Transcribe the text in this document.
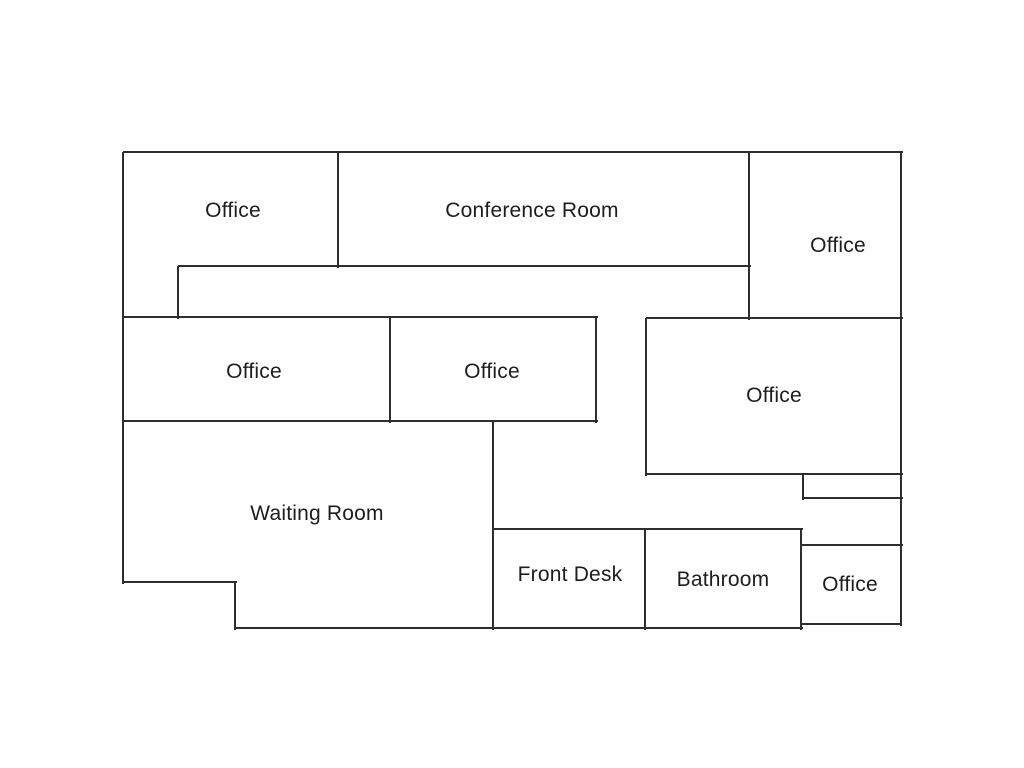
Office	Conference Room
Office
Office	Office
Office
Waiting Room
Front Desk	Bathroom	Office
